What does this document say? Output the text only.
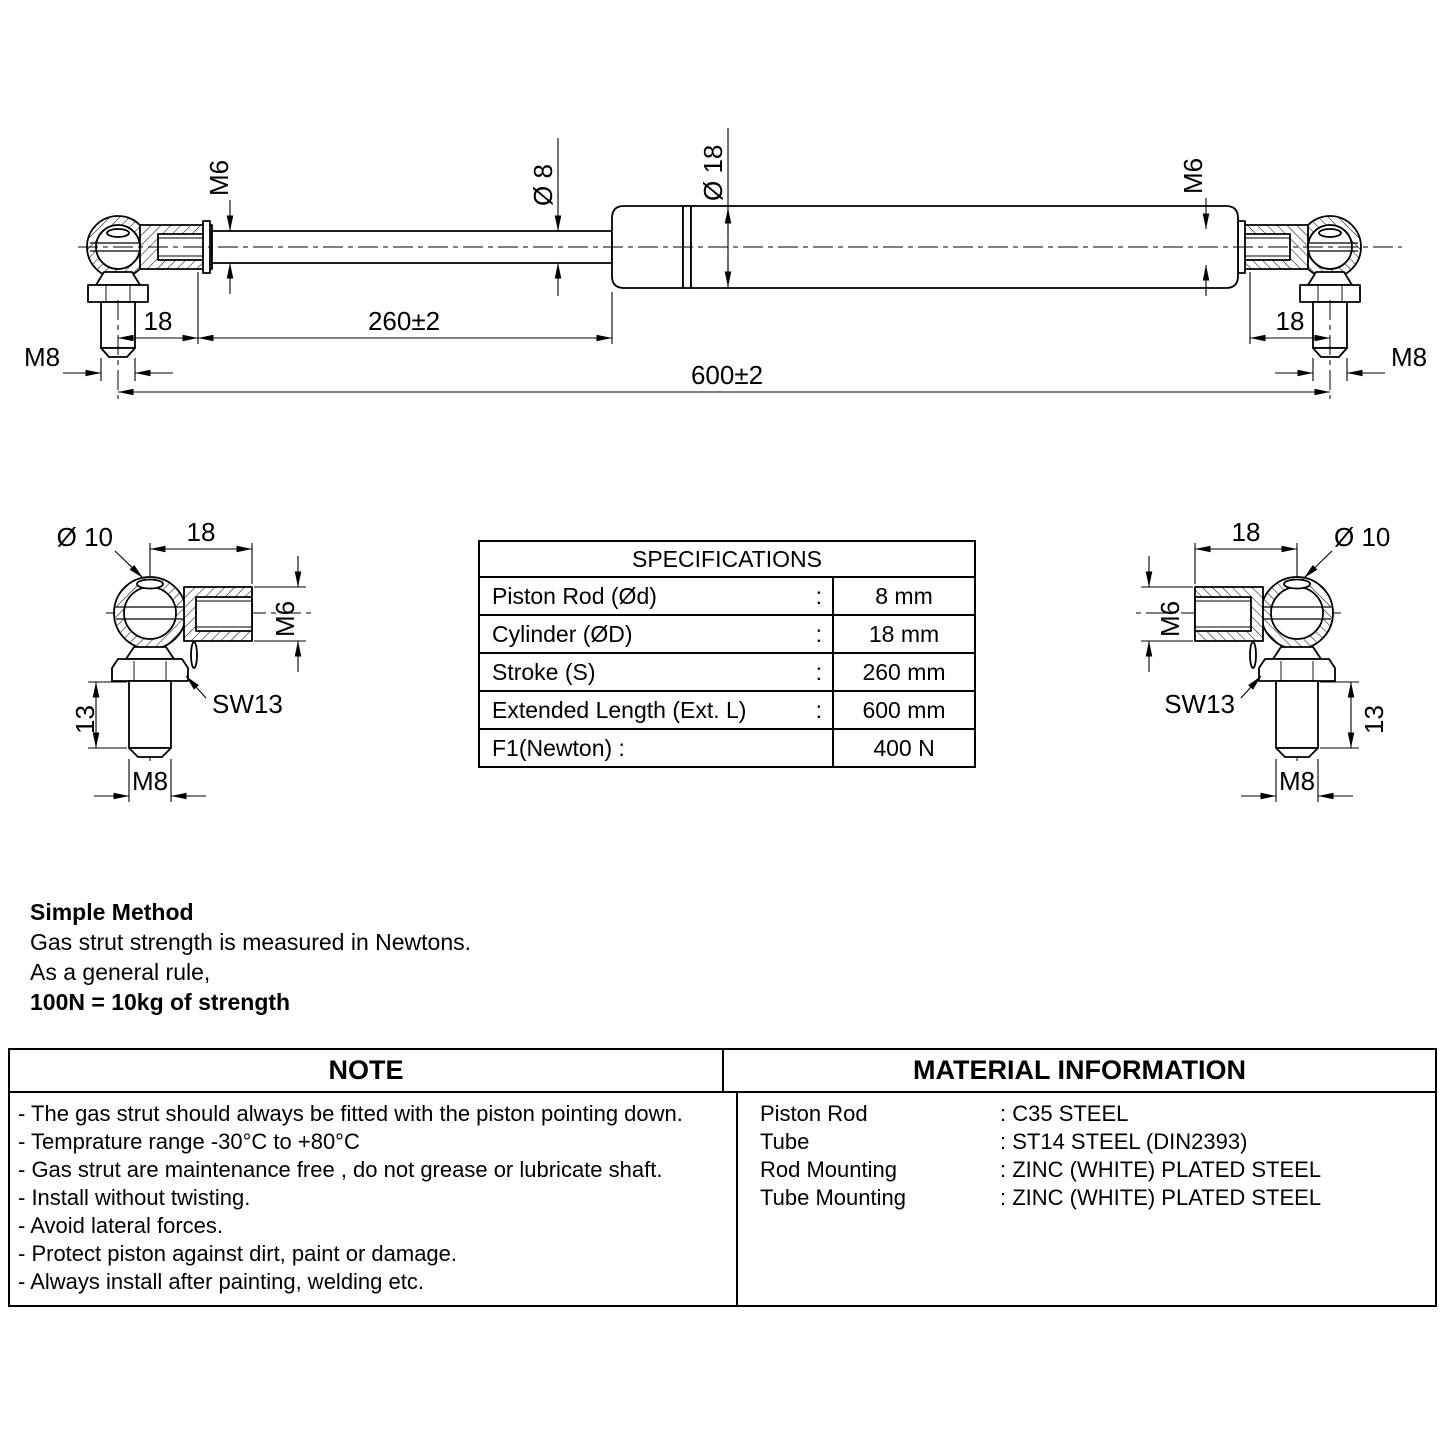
M6	Ø 8	Ø 18	M6
18	260±2
600±2
18
M8	M8
Ø 10	18
M6
SW13
13
M8
Ø 10
18
M6
SW13
13
M8
SPECIFICATIONS
Piston Rod (Ød)	:	8 mm
Cylinder (ØD)	:	18 mm
Stroke (S)	:	260 mm
Extended Length (Ext. L)	:	600 mm
F1(Newton) :	400 N
Simple Method
Gas strut strength is measured in Newtons.
As a general rule,
100N = 10kg of strength
NOTE	MATERIAL INFORMATION
- The gas strut should always be fitted with the piston pointing down.
- Temprature range -30°C to +80°C
- Gas strut are maintenance free , do not grease or lubricate shaft.
- Install without twisting.
- Avoid lateral forces.
- Protect piston against dirt, paint or damage.
- Always install after painting, welding etc.
Piston Rod	: C35 STEEL
Tube	: ST14 STEEL (DIN2393)
Rod Mounting	: ZINC (WHITE) PLATED STEEL
Tube Mounting	: ZINC (WHITE) PLATED STEEL
